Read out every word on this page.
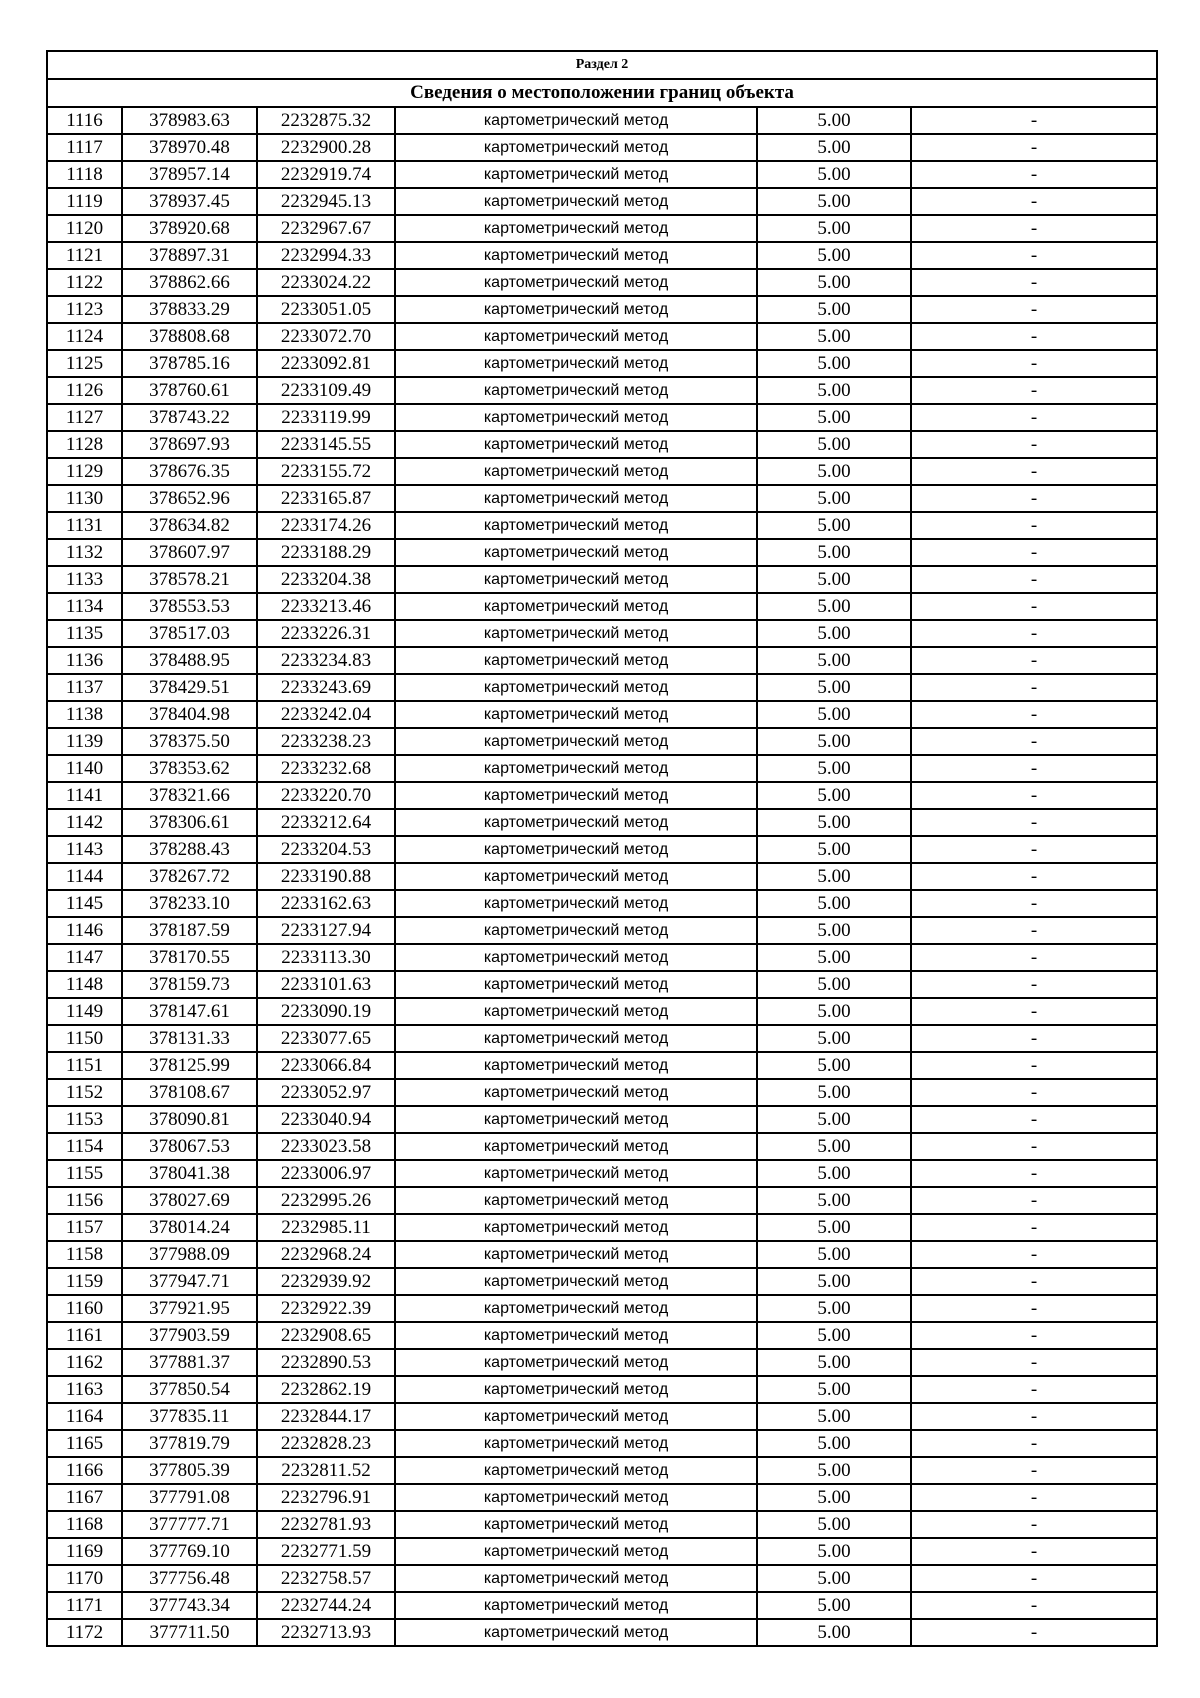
Раздел 2					
Сведения о местоположении границ объекта					
1116	378983.63	2232875.32	картометрический метод	5.00	-
1117	378970.48	2232900.28	картометрический метод	5.00	-
1118	378957.14	2232919.74	картометрический метод	5.00	-
1119	378937.45	2232945.13	картометрический метод	5.00	-
1120	378920.68	2232967.67	картометрический метод	5.00	-
1121	378897.31	2232994.33	картометрический метод	5.00	-
1122	378862.66	2233024.22	картометрический метод	5.00	-
1123	378833.29	2233051.05	картометрический метод	5.00	-
1124	378808.68	2233072.70	картометрический метод	5.00	-
1125	378785.16	2233092.81	картометрический метод	5.00	-
1126	378760.61	2233109.49	картометрический метод	5.00	-
1127	378743.22	2233119.99	картометрический метод	5.00	-
1128	378697.93	2233145.55	картометрический метод	5.00	-
1129	378676.35	2233155.72	картометрический метод	5.00	-
1130	378652.96	2233165.87	картометрический метод	5.00	-
1131	378634.82	2233174.26	картометрический метод	5.00	-
1132	378607.97	2233188.29	картометрический метод	5.00	-
1133	378578.21	2233204.38	картометрический метод	5.00	-
1134	378553.53	2233213.46	картометрический метод	5.00	-
1135	378517.03	2233226.31	картометрический метод	5.00	-
1136	378488.95	2233234.83	картометрический метод	5.00	-
1137	378429.51	2233243.69	картометрический метод	5.00	-
1138	378404.98	2233242.04	картометрический метод	5.00	-
1139	378375.50	2233238.23	картометрический метод	5.00	-
1140	378353.62	2233232.68	картометрический метод	5.00	-
1141	378321.66	2233220.70	картометрический метод	5.00	-
1142	378306.61	2233212.64	картометрический метод	5.00	-
1143	378288.43	2233204.53	картометрический метод	5.00	-
1144	378267.72	2233190.88	картометрический метод	5.00	-
1145	378233.10	2233162.63	картометрический метод	5.00	-
1146	378187.59	2233127.94	картометрический метод	5.00	-
1147	378170.55	2233113.30	картометрический метод	5.00	-
1148	378159.73	2233101.63	картометрический метод	5.00	-
1149	378147.61	2233090.19	картометрический метод	5.00	-
1150	378131.33	2233077.65	картометрический метод	5.00	-
1151	378125.99	2233066.84	картометрический метод	5.00	-
1152	378108.67	2233052.97	картометрический метод	5.00	-
1153	378090.81	2233040.94	картометрический метод	5.00	-
1154	378067.53	2233023.58	картометрический метод	5.00	-
1155	378041.38	2233006.97	картометрический метод	5.00	-
1156	378027.69	2232995.26	картометрический метод	5.00	-
1157	378014.24	2232985.11	картометрический метод	5.00	-
1158	377988.09	2232968.24	картометрический метод	5.00	-
1159	377947.71	2232939.92	картометрический метод	5.00	-
1160	377921.95	2232922.39	картометрический метод	5.00	-
1161	377903.59	2232908.65	картометрический метод	5.00	-
1162	377881.37	2232890.53	картометрический метод	5.00	-
1163	377850.54	2232862.19	картометрический метод	5.00	-
1164	377835.11	2232844.17	картометрический метод	5.00	-
1165	377819.79	2232828.23	картометрический метод	5.00	-
1166	377805.39	2232811.52	картометрический метод	5.00	-
1167	377791.08	2232796.91	картометрический метод	5.00	-
1168	377777.71	2232781.93	картометрический метод	5.00	-
1169	377769.10	2232771.59	картометрический метод	5.00	-
1170	377756.48	2232758.57	картометрический метод	5.00	-
1171	377743.34	2232744.24	картометрический метод	5.00	-
1172	377711.50	2232713.93	картометрический метод	5.00	-
